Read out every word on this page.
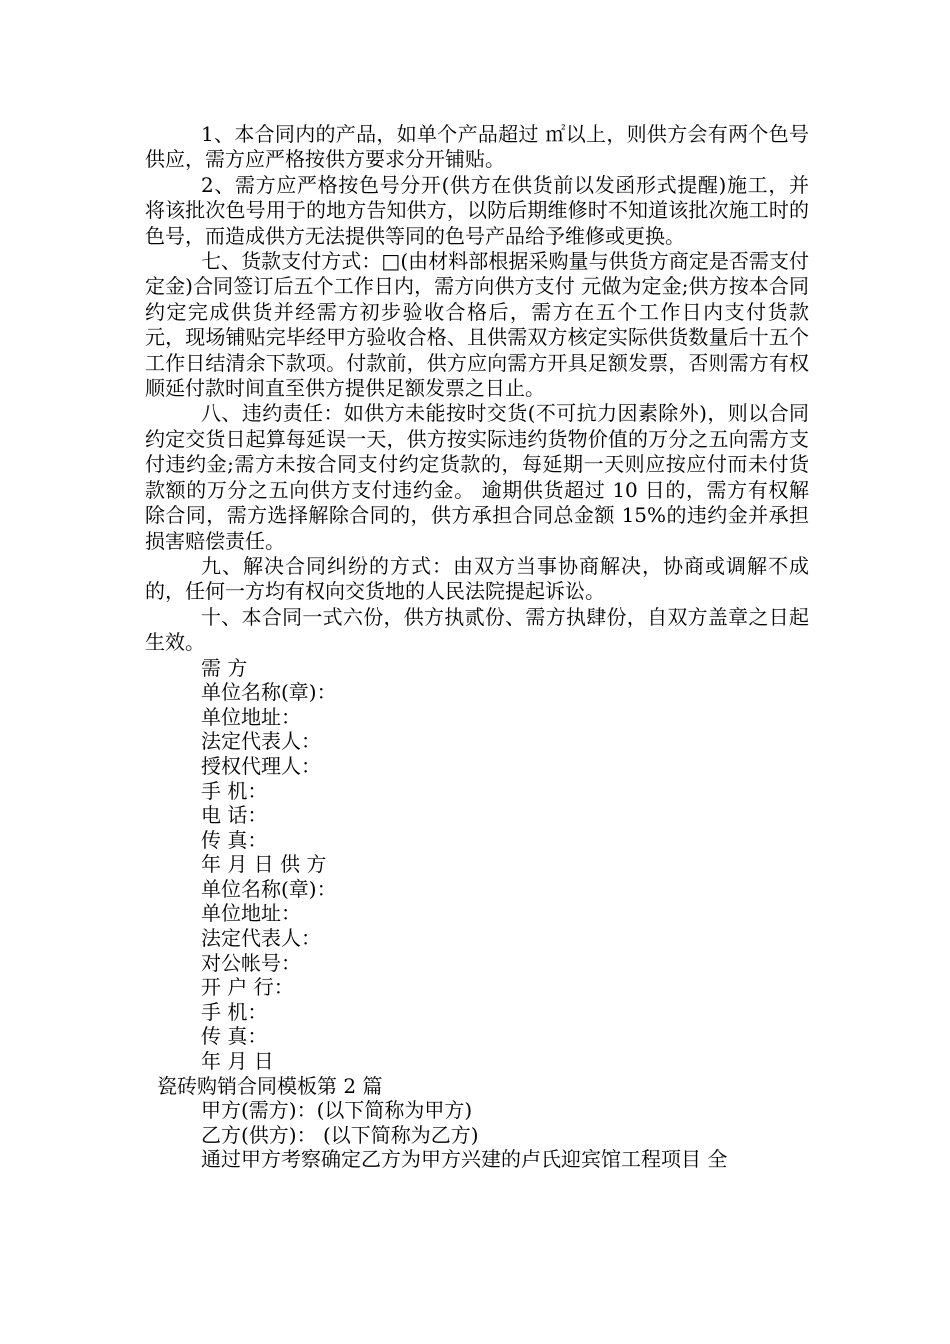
1、本合同内的产品，如单个产品超过 ㎡以上，则供方会有两个色号供应，需方应严格按供方要求分开铺贴。

2、需方应严格按色号分开(供方在供货前以发函形式提醒)施工，并将该批次色号用于的地方告知供方，以防后期维修时不知道该批次施工时的色号，而造成供方无法提供等同的色号产品给予维修或更换。

七、货款支付方式：□(由材料部根据采购量与供货方商定是否需支付定金)合同签订后五个工作日内，需方向供方支付 元做为定金;供方按本合同约定完成供货并经需方初步验收合格后，需方在五个工作日内支付货款 元，现场铺贴完毕经甲方验收合格、且供需双方核定实际供货数量后十五个工作日结清余下款项。付款前，供方应向需方开具足额发票，否则需方有权顺延付款时间直至供方提供足额发票之日止。

八、违约责任：如供方未能按时交货(不可抗力因素除外)，则以合同约定交货日起算每延误一天，供方按实际违约货物价值的万分之五向需方支付违约金;需方未按合同支付约定货款的，每延期一天则应按应付而未付货款额的万分之五向供方支付违约金。 逾期供货超过 10 日的，需方有权解除合同，需方选择解除合同的，供方承担合同总金额 15%的违约金并承担损害赔偿责任。

九、解决合同纠纷的方式：由双方当事协商解决，协商或调解不成的，任何一方均有权向交货地的人民法院提起诉讼。

十、本合同一式六份，供方执贰份、需方执肆份，自双方盖章之日起生效。

需 方

单位名称(章)：

单位地址：

法定代表人：

授权代理人：

手 机：

电 话：

传 真：

年 月 日 供 方

单位名称(章)：

单位地址：

法定代表人：

对公帐号：

开 户 行：

手 机：

传 真：

年 月 日

瓷砖购销合同模板第 2 篇

甲方(需方)：(以下简称为甲方)

乙方(供方)： (以下简称为乙方)

通过甲方考察确定乙方为甲方兴建的卢氏迎宾馆工程项目 全
